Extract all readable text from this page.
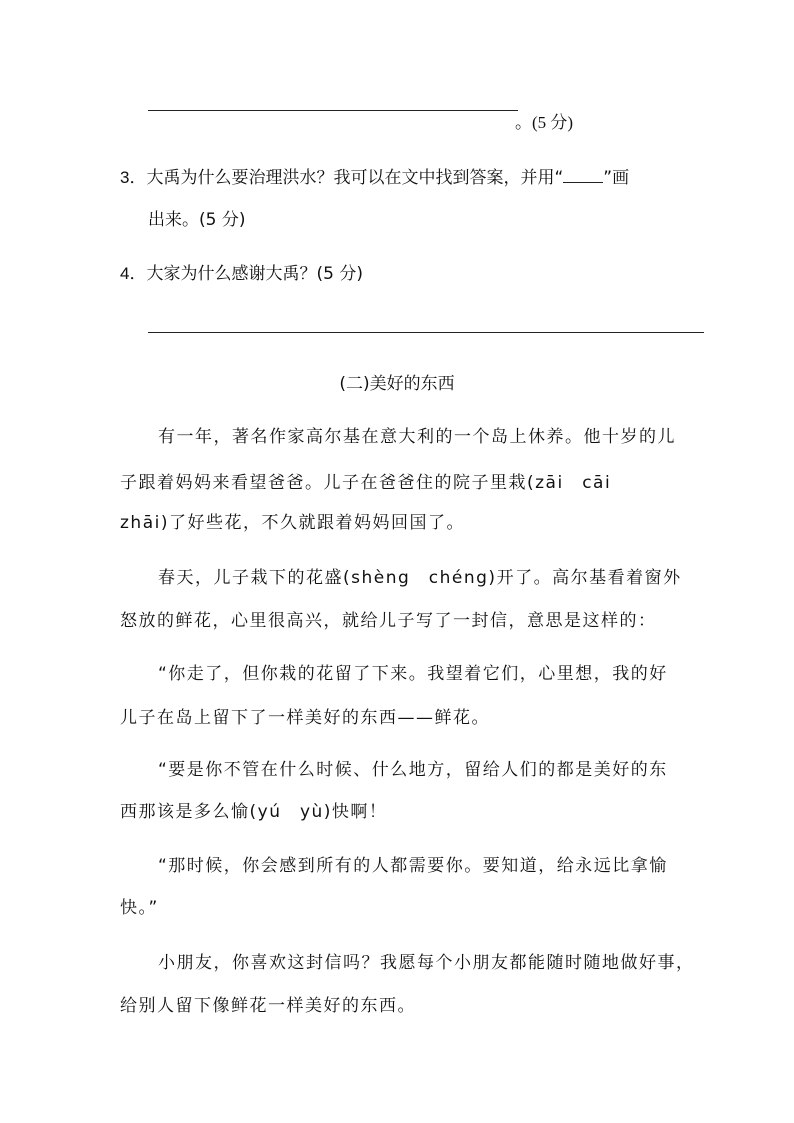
。(5 分)
3．大禹为什么要治理洪水？我可以在文中找到答案，并用“ ”画
出来。(5 分)
4．大家为什么感谢大禹？(5 分)
(二)美好的东西
有一年，著名作家高尔基在意大利的一个岛上休养。他十岁的儿
子跟着妈妈来看望爸爸。儿子在爸爸住的院子里栽(zāi　cāi
zhāi)了好些花，不久就跟着妈妈回国了。
春天，儿子栽下的花盛(shèng　chéng)开了。高尔基看着窗外
怒放的鲜花，心里很高兴，就给儿子写了一封信，意思是这样的：
“你走了，但你栽的花留了下来。我望着它们，心里想，我的好
儿子在岛上留下了一样美好的东西——鲜花。
“要是你不管在什么时候、什么地方，留给人们的都是美好的东
西那该是多么愉(yú　yù)快啊！
“那时候，你会感到所有的人都需要你。要知道，给永远比拿愉
快。”
小朋友，你喜欢这封信吗？我愿每个小朋友都能随时随地做好事，
给别人留下像鲜花一样美好的东西。
